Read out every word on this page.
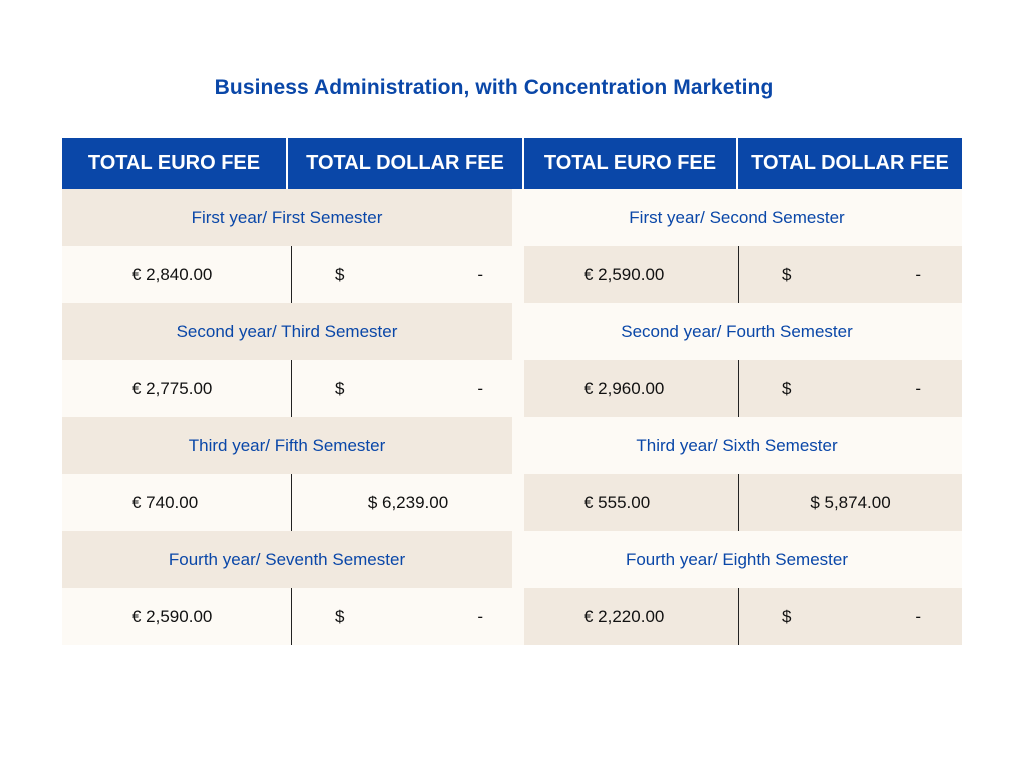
Business Administration, with Concentration Marketing
TOTAL EURO FEE	TOTAL DOLLAR FEE	TOTAL EURO FEE	TOTAL DOLLAR FEE
First year/ First Semester	First year/ Second Semester
€ 2,840.00	$	-	€ 2,590.00	$	-
Second year/ Third Semester	Second year/ Fourth Semester
€ 2,775.00	$	-	€ 2,960.00	$	-
Third year/ Fifth Semester	Third year/ Sixth Semester
€ 740.00	$ 6,239.00	€ 555.00	$ 5,874.00
Fourth year/ Seventh Semester	Fourth year/ Eighth Semester
€ 2,590.00	$	-	€ 2,220.00	$	-
